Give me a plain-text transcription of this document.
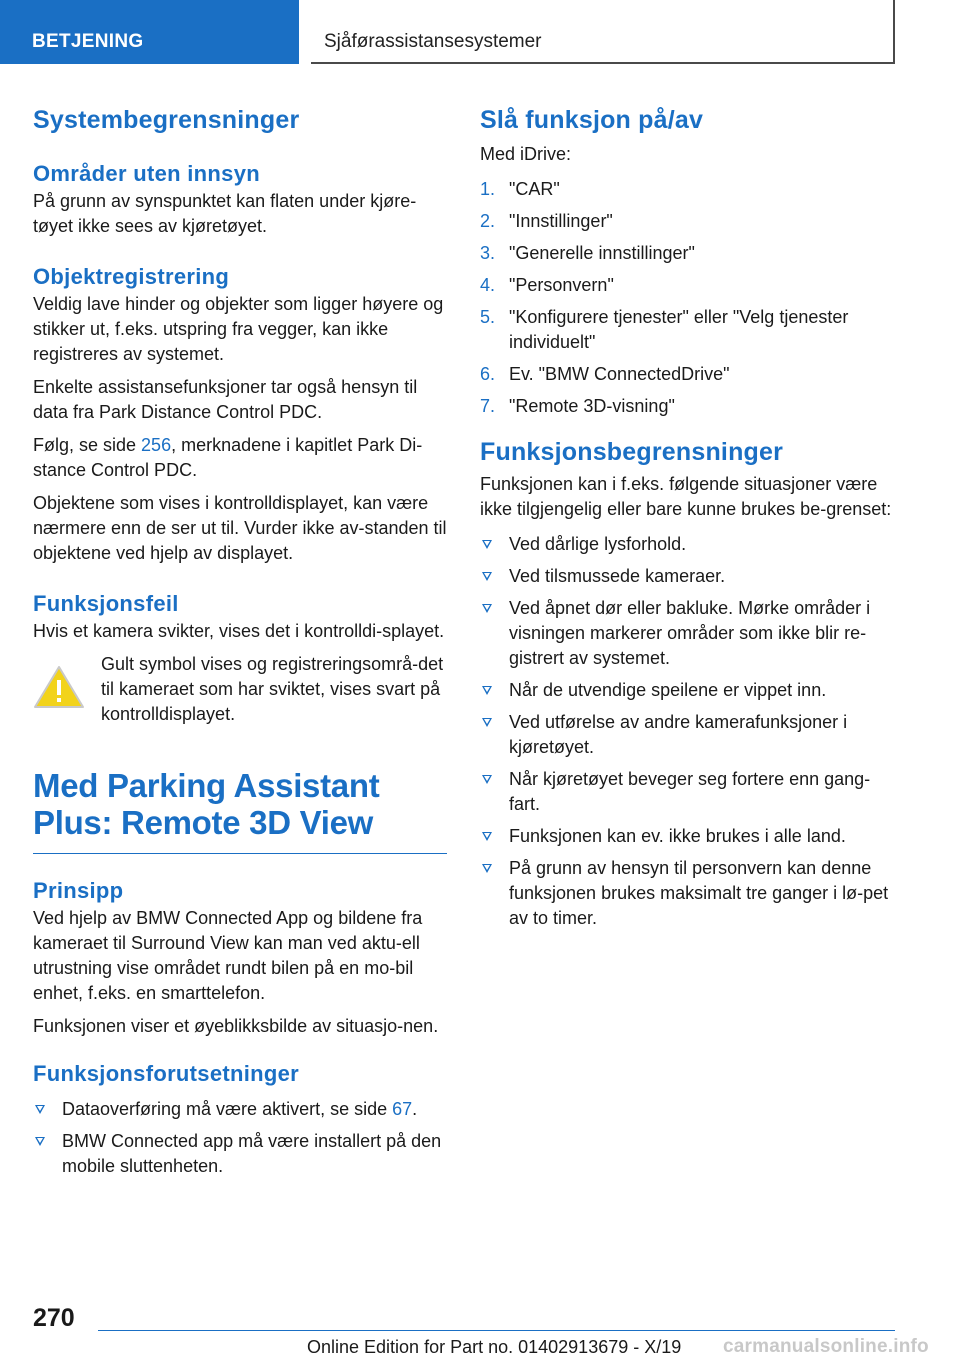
BETJENING	Sjåførassistansesystemer
Systembegrensninger
Områder uten innsyn

På grunn av synspunktet kan flaten under kjøre-tøyet ikke sees av kjøretøyet.

Objektregistrering

Veldig lave hinder og objekter som ligger høyere og stikker ut, f.eks. utspring fra vegger, kan ikke registreres av systemet.

Enkelte assistansefunksjoner tar også hensyn til data fra Park Distance Control PDC.

Følg, se side 256, merknadene i kapitlet Park Di-stance Control PDC.

Objektene som vises i kontrolldisplayet, kan være nærmere enn de ser ut til. Vurder ikke av-standen til objektene ved hjelp av displayet.

Funksjonsfeil

Hvis et kamera svikter, vises det i kontrolldi-splayet.

Gult symbol vises og registreringsområ-det til kameraet som har sviktet, vises svart på kontrolldisplayet.

Med Parking Assistant Plus: Remote 3D View
Prinsipp

Ved hjelp av BMW Connected App og bildene fra kameraet til Surround View kan man ved aktu-ell utrustning vise området rundt bilen på en mo-bil enhet, f.eks. en smarttelefon.

Funksjonen viser et øyeblikksbilde av situasjo-nen.

Funksjonsforutsetninger
Dataoverføring må være aktivert, se side 67.
BMW Connected app må være installert på den mobile sluttenheten.
Slå funksjon på/av

Med iDrive:

1. "CAR"
2. "Innstillinger"
3. "Generelle innstillinger"
4. "Personvern"
5. "Konfigurere tjenester" eller "Velg tjenester individuelt"
6. Ev. "BMW ConnectedDrive"
7. "Remote 3D-visning"
Funksjonsbegrensninger

Funksjonen kan i f.eks. følgende situasjoner være ikke tilgjengelig eller bare kunne brukes be-grenset:

Ved dårlige lysforhold.
Ved tilsmussede kameraer.
Ved åpnet dør eller bakluke. Mørke områder i visningen markerer områder som ikke blir re-gistrert av systemet.
Når de utvendige speilene er vippet inn.
Ved utførelse av andre kamerafunksjoner i kjøretøyet.
Når kjøretøyet beveger seg fortere enn gang-fart.
Funksjonen kan ev. ikke brukes i alle land.
På grunn av hensyn til personvern kan denne funksjonen brukes maksimalt tre ganger i lø-pet av to timer.
270
Online Edition for Part no. 01402913679 - X/19 carmanualsonline.info
